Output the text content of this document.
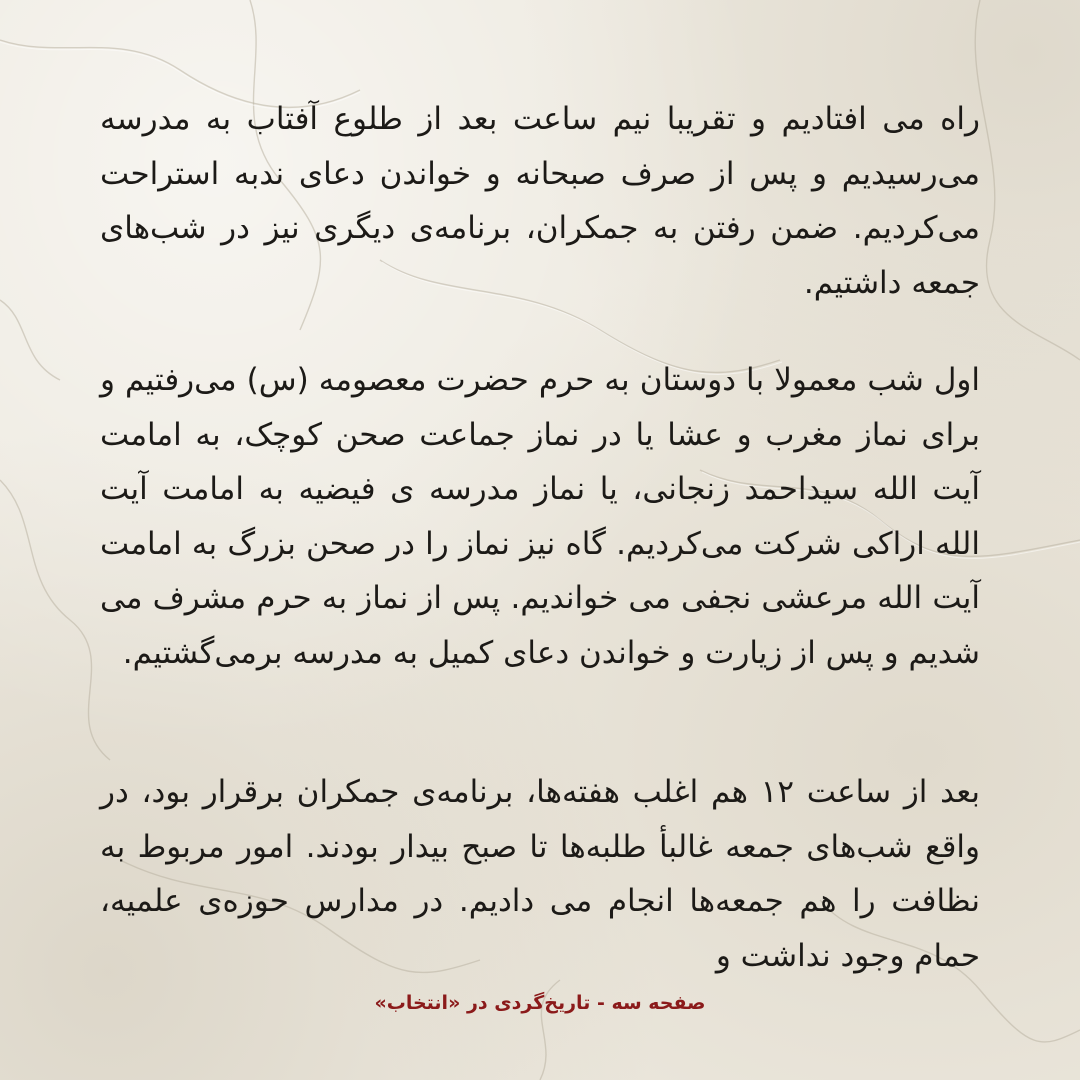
راه می افتادیم و تقریبا نیم ساعت بعد از طلوع آفتاب به مدرسه می‌رسیدیم و پس از صرف صبحانه و خواندن دعای ندبه استراحت می‌کردیم. ضمن رفتن به جمکران، برنامه‌ی دیگری نیز در شب‌های جمعه داشتیم.

اول شب معمولا با دوستان به حرم حضرت معصومه (س) می‌رفتیم و برای نماز مغرب و عشا یا در نماز جماعت صحن کوچک، به امامت آیت الله سیداحمد زنجانی، یا نماز مدرسه ی فیضیه به امامت آیت الله اراکی شرکت می‌کردیم. گاه نیز نماز را در صحن بزرگ به امامت آیت الله مرعشی نجفی می خواندیم. پس از نماز به حرم مشرف می شدیم و پس از زیارت و خواندن دعای کمیل به مدرسه برمی‌گشتیم.

بعد از ساعت ۱۲ هم اغلب هفته‌ها، برنامه‌ی جمکران برقرار بود، در واقع شب‌های جمعه غالبأ طلبه‌ها تا صبح بیدار بودند. امور مربوط به نظافت را هم جمعه‌ها انجام می دادیم. در مدارس حوزه‌ی علمیه، حمام وجود نداشت و

صفحه سه - تاریخ‌گردی در «انتخاب»
